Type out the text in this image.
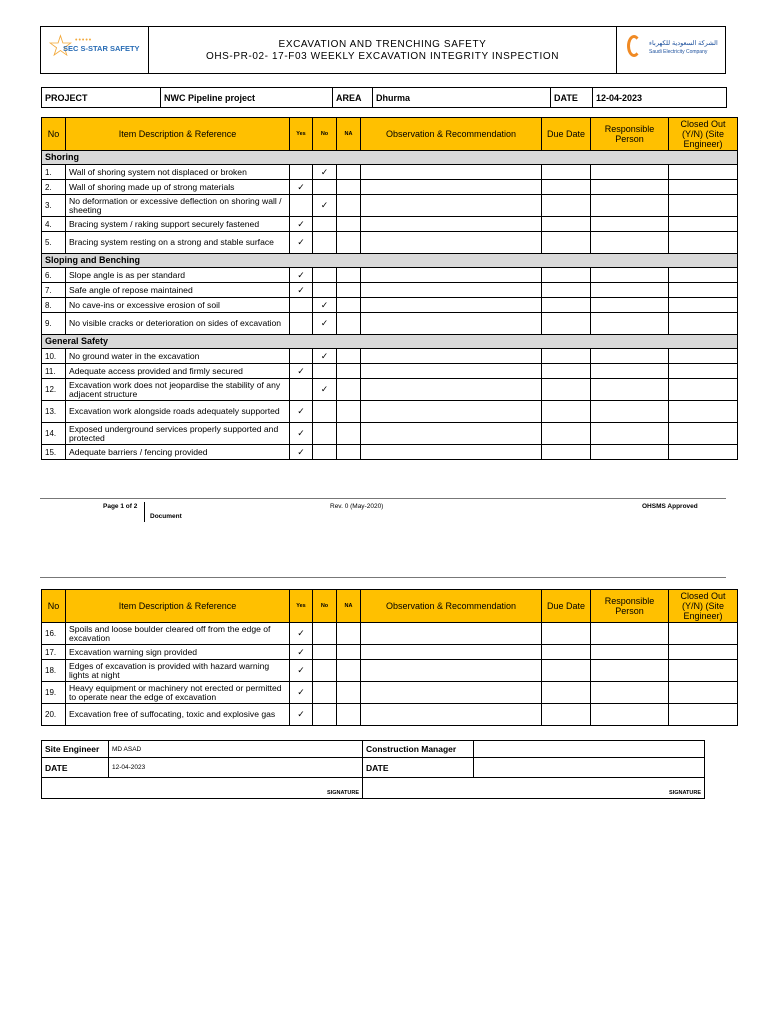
☆ •••••
SEC S-STAR SAFETY	EXCAVATION AND TRENCHING SAFETY
OHS-PR-02- 17-F03 WEEKLY EXCAVATION INTEGRITY INSPECTION
الشركة السعودية للكهرباء
Saudi Electricity Company
PROJECT	NWC Pipeline project	AREA	Dhurma	DATE	12-04-2023
No	Item Description & Reference	Yes	No	NA	Observation & Recommendation	Due Date	Responsible Person	Closed Out (Y/N) (Site Engineer)
Shoring								
1.	Wall of shoring system not displaced or broken		✓					
2.	Wall of shoring made up of strong materials	✓						
3.	No deformation or excessive deflection on shoring wall / sheeting		✓					
4.	Bracing system / raking support securely fastened	✓						
5.	Bracing system resting on a strong and stable surface	✓						
Sloping and Benching								
6.	Slope angle is as per standard	✓						
7.	Safe angle of repose maintained	✓						
8.	No cave-ins or excessive erosion of soil		✓					
9.	No visible cracks or deterioration on sides of excavation		✓					
General Safety								
10.	No ground water in the excavation		✓					
11.	Adequate access provided and firmly secured	✓						
12.	Excavation work does not jeopardise the stability of any adjacent structure		✓					
13.	Excavation work alongside roads adequately supported	✓						
14.	Exposed underground services properly supported and protected	✓						
15.	Adequate barriers / fencing provided	✓						
Page 1 of 2
Document
Rev. 0 (May-2020)	OHSMS Approved
No	Item Description & Reference	Yes	No	NA	Observation & Recommendation	Due Date	Responsible Person	Closed Out (Y/N) (Site Engineer)
16.	Spoils and loose boulder cleared off from the edge of excavation	✓						
17.	Excavation warning sign provided	✓						
18.	Edges of excavation is provided with hazard warning lights at night	✓						
19.	Heavy equipment or machinery not erected or permitted to operate near the edge of excavation	✓						
20.	Excavation free of suffocating, toxic and explosive gas	✓						
Site Engineer	MD ASAD	Construction Manager	
DATE	12-04-2023	DATE	
SIGNATURE		SIGNATURE	
